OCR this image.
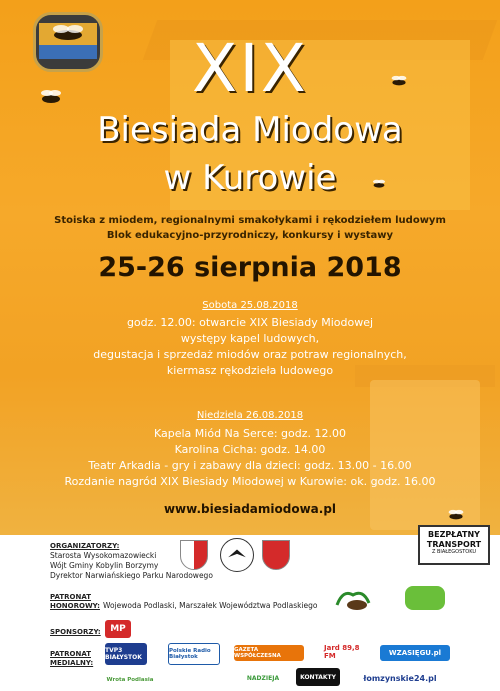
XIX
Biesiada Miodowa
w Kurowie
Stoiska z miodem, regionalnymi smakołykami i rękodziełem ludowym
Blok edukacyjno-przyrodniczy, konkursy i wystawy
25-26 sierpnia 2018
Sobota 25.08.2018
godz. 12.00: otwarcie XIX Biesiady Miodowej
występy kapel ludowych,
degustacja i sprzedaż miodów oraz potraw regionalnych,
kiermasz rękodzieła ludowego
Niedziela 26.08.2018
Kapela Miód Na Serce: godz. 12.00
Karolina Cicha: godz. 14.00
Teatr Arkadia - gry i zabawy dla dzieci: godz. 13.00 - 16.00
Rozdanie nagród XIX Biesiady Miodowej w Kurowie: ok. godz. 16.00
www.biesiadamiodowa.pl
BEZPŁATNY
TRANSPORT
Z BIAŁEGOSTOKU
ORGANIZATORZY:
Starosta Wysokomazowiecki
Wójt Gminy Kobylin Borzymy
Dyrektor Narwiańskiego Parku Narodowego
PATRONAT
HONOROWY: Wojewoda Podlaski, Marszałek Województwa Podlaskiego
SPONSORZY:	MP
PATRONAT
MEDIALNY:
TVP3 BIAŁYSTOK
Polskie Radio Białystok
GAZETA WSPÓŁCZESNA
Jard 89,8 FM	WZASIĘGU.pl
NADZIEJA	KONTAKTY	łomzynskie24.pl
Wrota Podlasia
